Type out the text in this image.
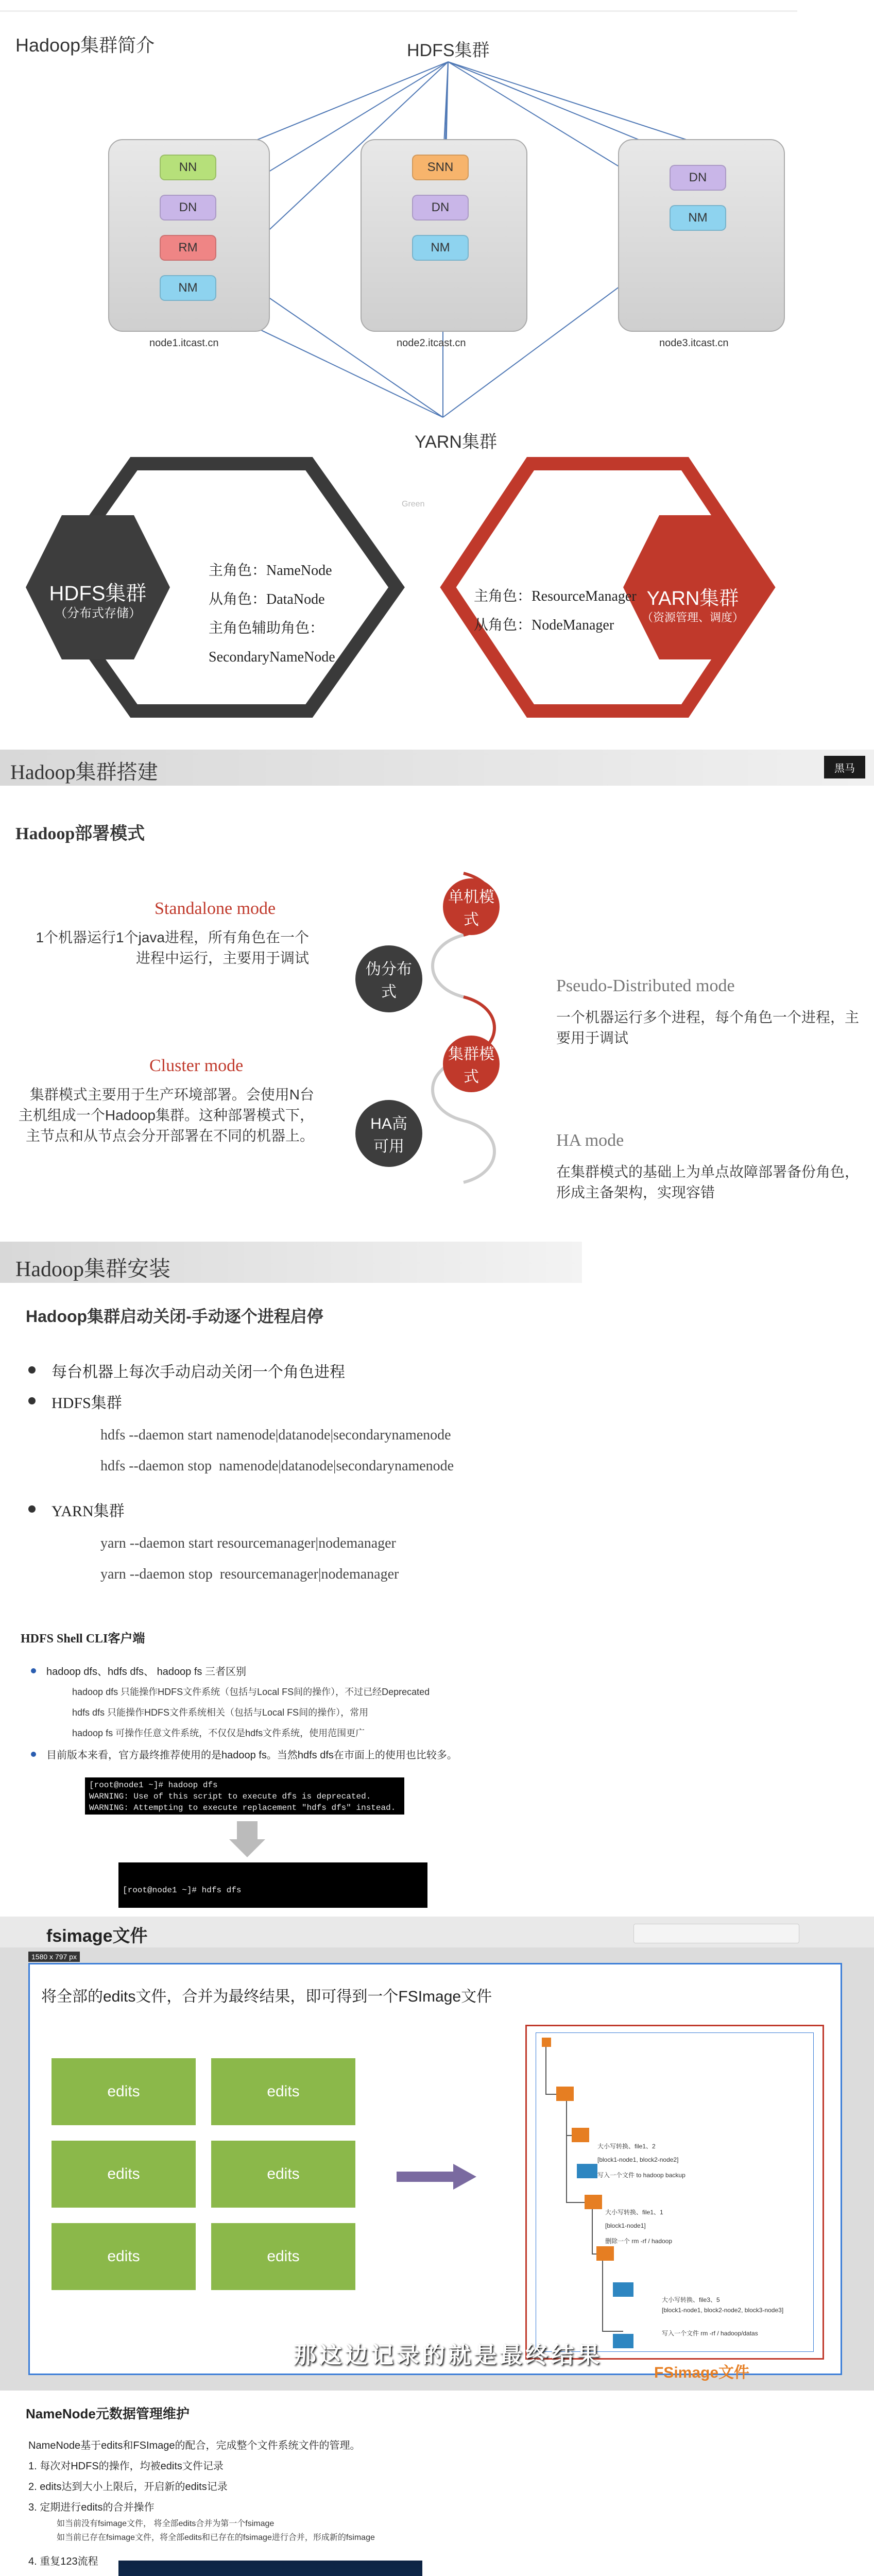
Hadoop集群简介	HDFS集群
YARN集群
NN
DN
RM
NM
node1.itcast.cn
SNN
DN
NM
node2.itcast.cn
DN
NM
node3.itcast.cn
Green
HDFS集群
（分布式存储）
主角色：NameNode
从角色：DataNode
主角色辅助角色：
SecondaryNameNode
主角色：ResourceManager
从角色：NodeManager
YARN集群
（资源管理、调度）
Hadoop集群搭建	黑马
Hadoop部署模式
Standalone mode
1个机器运行1个java进程，所有角色在一个进程中运行，主要用于调试
单机模式
伪分布式	Pseudo-Distributed mode
一个机器运行多个进程，每个角色一个进程，主要用于调试
Cluster mode
集群模式主要用于生产环境部署。会使用N台主机组成一个Hadoop集群。这种部署模式下，主节点和从节点会分开部署在不同的机器上。
集群模式
HA高可用	HA mode
在集群模式的基础上为单点故障部署备份角色，形成主备架构，实现容错
Hadoop集群安装
Hadoop集群启动关闭-手动逐个进程启停
每台机器上每次手动启动关闭一个角色进程
HDFS集群
hdfs --daemon start namenode|datanode|secondarynamenode
hdfs --daemon stop  namenode|datanode|secondarynamenode
YARN集群
yarn --daemon start resourcemanager|nodemanager
yarn --daemon stop  resourcemanager|nodemanager
HDFS Shell CLI客户端
hadoop dfs、hdfs dfs、 hadoop fs 三者区别
hadoop dfs 只能操作HDFS文件系统（包括与Local FS间的操作），不过已经Deprecated
hdfs dfs 只能操作HDFS文件系统相关（包括与Local FS间的操作），常用
hadoop fs 可操作任意文件系统，不仅仅是hdfs文件系统，使用范围更广
目前版本来看，官方最终推荐使用的是hadoop fs。当然hdfs dfs在市面上的使用也比较多。
[root@node1 ~]# hadoop dfs
WARNING: Use of this script to execute dfs is deprecated.
WARNING: Attempting to execute replacement "hdfs dfs" instead.

[root@node1 ~]# hdfs dfs

fsimage文件
1580 x 797 px
将全部的edits文件，合并为最终结果，即可得到一个FSImage文件
edits	edits
edits	edits
edits	edits
大小写转换、file1、2
[block1-node1, block2-node2]
写入一个文件 to hadoop backup
大小写转换、file1、1
[block1-node1]
删除一个 rm -rf / hadoop
大小写转换、file3、5
[block1-node1, block2-node2, block3-node3]
写入一个文件 rm -rf / hadoop/datas
FSimage文件
那这边记录的就是最终结果
NameNode元数据管理维护
NameNode基于edits和FSImage的配合，完成整个文件系统文件的管理。
1. 每次对HDFS的操作，均被edits文件记录
2. edits达到大小上限后，开启新的edits记录
3. 定期进行edits的合并操作
如当前没有fsimage文件， 将全部edits合并为第一个fsimage
如当前已存在fsimage文件，将全部edits和已存在的fsimage进行合并，形成新的fsimage
4. 重复123流程
